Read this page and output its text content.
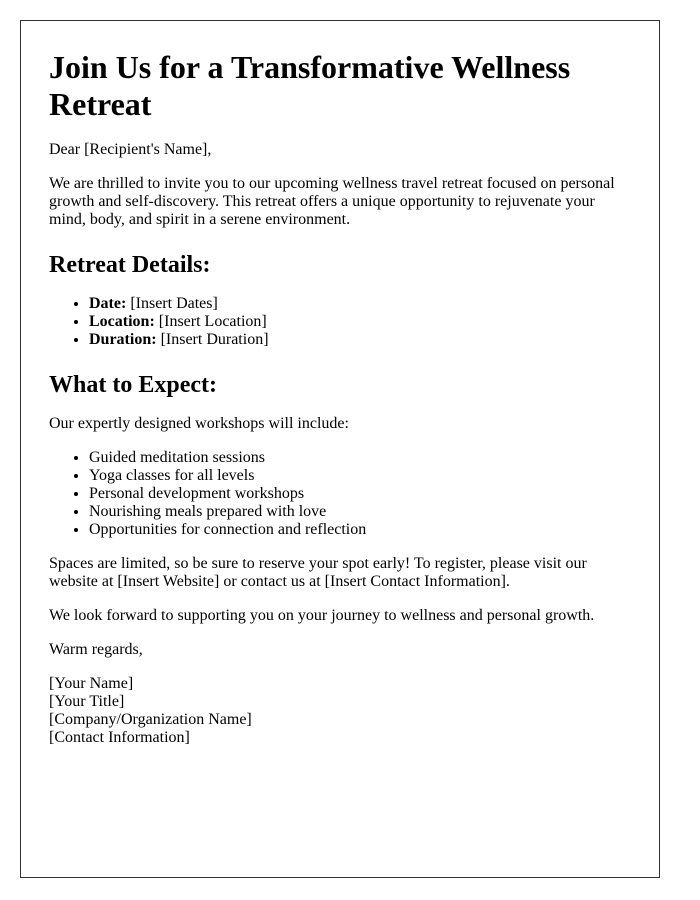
Join Us for a Transformative Wellness Retreat

Dear [Recipient's Name],

We are thrilled to invite you to our upcoming wellness travel retreat focused on personal growth and self-discovery. This retreat offers a unique opportunity to rejuvenate your mind, body, and spirit in a serene environment.

Retreat Details:
• Date: [Insert Dates]
• Location: [Insert Location]
• Duration: [Insert Duration]
What to Expect:

Our expertly designed workshops will include:

• Guided meditation sessions
• Yoga classes for all levels
• Personal development workshops
• Nourishing meals prepared with love
• Opportunities for connection and reflection

Spaces are limited, so be sure to reserve your spot early! To register, please visit our website at [Insert Website] or contact us at [Insert Contact Information].

We look forward to supporting you on your journey to wellness and personal growth.

Warm regards,

[Your Name]

[Your Title]

[Company/Organization Name]

[Contact Information]
